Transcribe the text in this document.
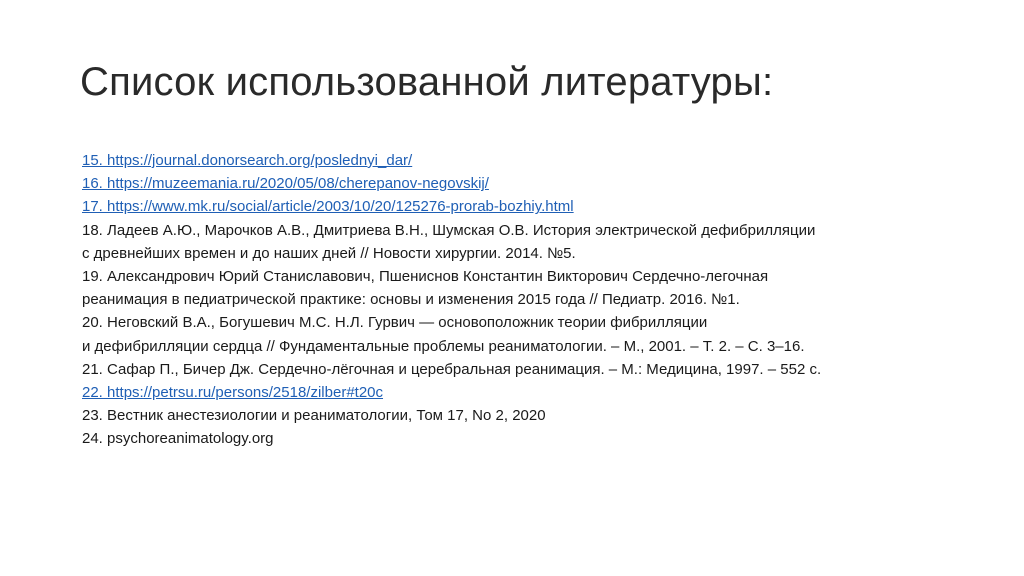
Список использованной литературы:
15. https://journal.donorsearch.org/poslednyi_dar/
16. https://muzeemania.ru/2020/05/08/cherepanov-negovskij/
17. https://www.mk.ru/social/article/2003/10/20/125276-prorab-bozhiy.html
18. Ладеев А.Ю., Марочков А.В., Дмитриева В.Н., Шумская О.В. История электрической дефибрилляции
с древнейших времен и до наших дней // Новости хирургии. 2014. №5.
19. Александрович Юрий Станиславович, Пшениснов Константин Викторович Сердечно-легочная
реанимация в педиатрической практике: основы и изменения 2015 года // Педиатр. 2016. №1.
20. Неговский В.А., Богушевич М.С. Н.Л. Гурвич — основоположник теории фибрилляции
и дефибрилляции сердца // Фундаментальные проблемы реаниматологии. – М., 2001. – Т. 2. – С. 3–16.
21. Сафар П., Бичер Дж. Сердечно-лёгочная и церебральная реанимация. – М.: Медицина, 1997. – 552 с.
22. https://petrsu.ru/persons/2518/zilber#t20c
23. Вестник анестезиологии и реаниматологии, Том 17, No 2, 2020
24. psychoreanimatology.org
